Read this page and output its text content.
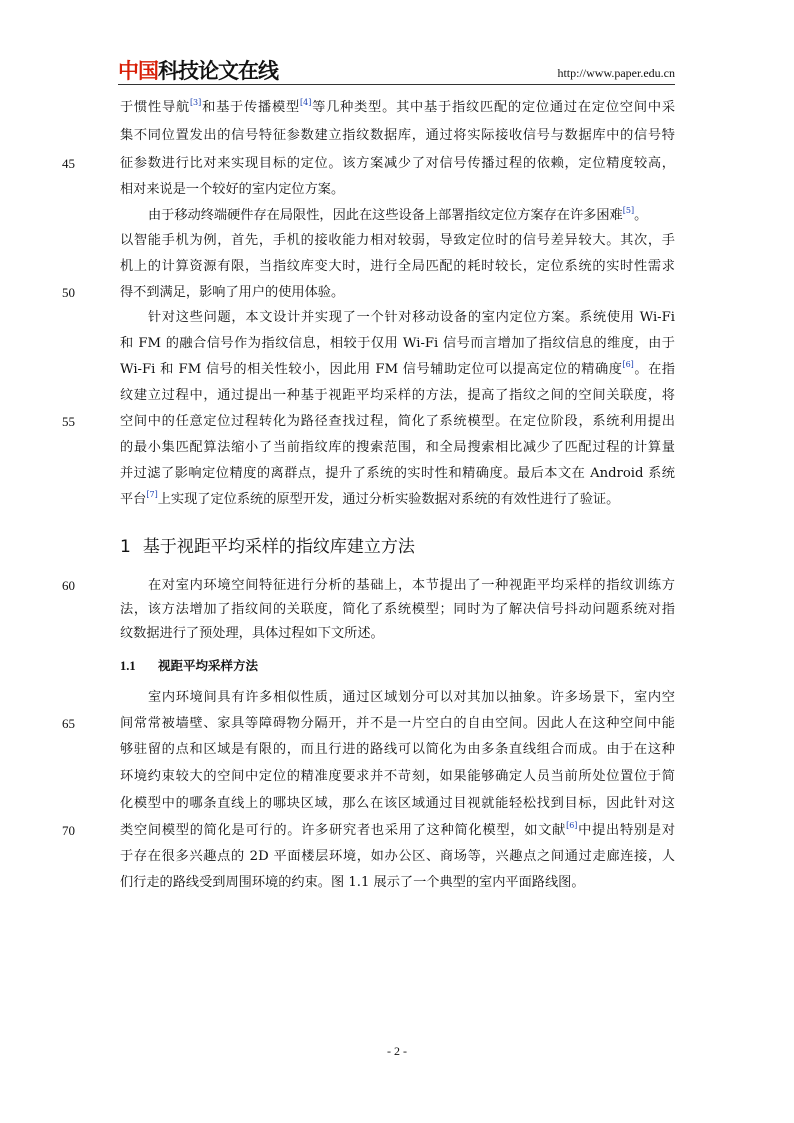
中国科技论文在线	http://www.paper.edu.cn
45
50
55
60
65
70
于惯性导航[3]和基于传播模型[4]等几种类型。其中基于指纹匹配的定位通过在定位空间中采
集不同位置发出的信号特征参数建立指纹数据库，通过将实际接收信号与数据库中的信号特
征参数进行比对来实现目标的定位。该方案减少了对信号传播过程的依赖，定位精度较高，
相对来说是一个较好的室内定位方案。
由于移动终端硬件存在局限性，因此在这些设备上部署指纹定位方案存在许多困难[5]。
以智能手机为例，首先，手机的接收能力相对较弱，导致定位时的信号差异较大。其次，手
机上的计算资源有限，当指纹库变大时，进行全局匹配的耗时较长，定位系统的实时性需求
得不到满足，影响了用户的使用体验。
针对这些问题，本文设计并实现了一个针对移动设备的室内定位方案。系统使用 Wi-Fi
和 FM 的融合信号作为指纹信息，相较于仅用 Wi-Fi 信号而言增加了指纹信息的维度，由于
Wi-Fi 和 FM 信号的相关性较小，因此用 FM 信号辅助定位可以提高定位的精确度[6]。在指
纹建立过程中，通过提出一种基于视距平均采样的方法，提高了指纹之间的空间关联度，将
空间中的任意定位过程转化为路径查找过程，简化了系统模型。在定位阶段，系统利用提出
的最小集匹配算法缩小了当前指纹库的搜索范围，和全局搜索相比减少了匹配过程的计算量
并过滤了影响定位精度的离群点，提升了系统的实时性和精确度。最后本文在 Android 系统
平台[7]上实现了定位系统的原型开发，通过分析实验数据对系统的有效性进行了验证。
1 基于视距平均采样的指纹库建立方法
在对室内环境空间特征进行分析的基础上，本节提出了一种视距平均采样的指纹训练方
法，该方法增加了指纹间的关联度，简化了系统模型；同时为了解决信号抖动问题系统对指
纹数据进行了预处理，具体过程如下文所述。
1.1 视距平均采样方法
室内环境间具有许多相似性质，通过区域划分可以对其加以抽象。许多场景下，室内空
间常常被墙壁、家具等障碍物分隔开，并不是一片空白的自由空间。因此人在这种空间中能
够驻留的点和区域是有限的，而且行进的路线可以简化为由多条直线组合而成。由于在这种
环境约束较大的空间中定位的精准度要求并不苛刻，如果能够确定人员当前所处位置位于简
化模型中的哪条直线上的哪块区域，那么在该区域通过目视就能轻松找到目标，因此针对这
类空间模型的简化是可行的。许多研究者也采用了这种简化模型，如文献[6]中提出特别是对
于存在很多兴趣点的 2D 平面楼层环境，如办公区、商场等，兴趣点之间通过走廊连接，人
们行走的路线受到周围环境的约束。图 1.1 展示了一个典型的室内平面路线图。
- 2 -
